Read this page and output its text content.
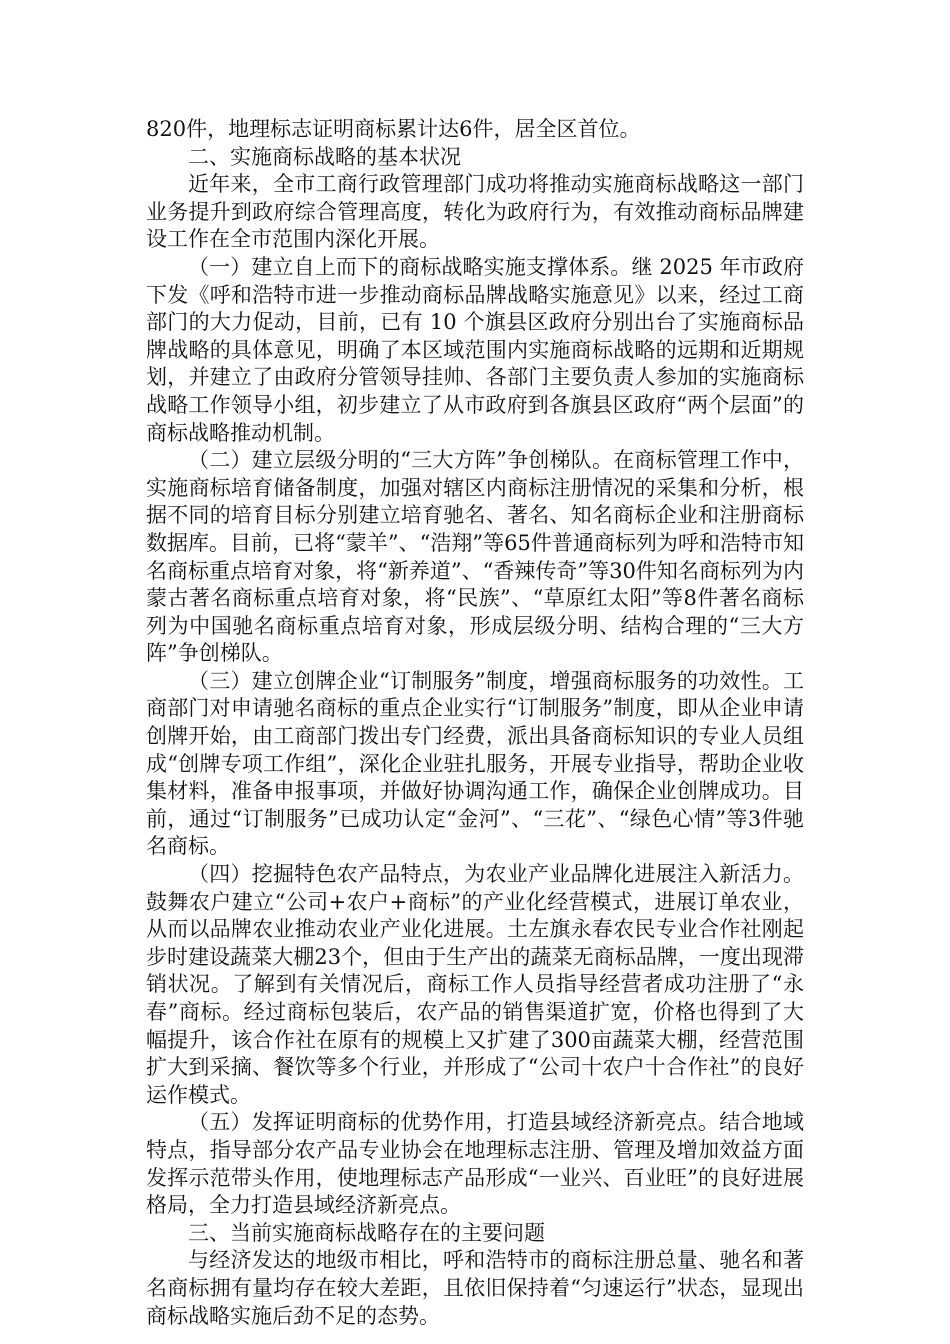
820件，地理标志证明商标累计达6件，居全区首位。

二、实施商标战略的基本状况

近年来，全市工商行政管理部门成功将推动实施商标战略这一部门业务提升到政府综合管理高度，转化为政府行为，有效推动商标品牌建设工作在全市范围内深化开展。

（一）建立自上而下的商标战略实施支撑体系。继 2025 年市政府下发《呼和浩特市进一步推动商标品牌战略实施意见》以来，经过工商部门的大力促动，目前，已有 10 个旗县区政府分别出台了实施商标品牌战略的具体意见，明确了本区域范围内实施商标战略的远期和近期规划，并建立了由政府分管领导挂帅、各部门主要负责人参加的实施商标战略工作领导小组，初步建立了从市政府到各旗县区政府“两个层面”的商标战略推动机制。

（二）建立层级分明的“三大方阵”争创梯队。在商标管理工作中，实施商标培育储备制度，加强对辖区内商标注册情况的采集和分析，根据不同的培育目标分别建立培育驰名、著名、知名商标企业和注册商标数据库。目前，已将“蒙羊”、“浩翔”等65件普通商标列为呼和浩特市知名商标重点培育对象，将“新养道”、“香辣传奇”等30件知名商标列为内蒙古著名商标重点培育对象，将“民族”、“草原红太阳”等8件著名商标列为中国驰名商标重点培育对象，形成层级分明、结构合理的“三大方阵”争创梯队。

（三）建立创牌企业“订制服务”制度，增强商标服务的功效性。工商部门对申请驰名商标的重点企业实行“订制服务”制度，即从企业申请创牌开始，由工商部门拨出专门经费，派出具备商标知识的专业人员组成“创牌专项工作组”，深化企业驻扎服务，开展专业指导，帮助企业收集材料，准备申报事项，并做好协调沟通工作，确保企业创牌成功。目前，通过“订制服务”已成功认定“金河”、“三花”、“绿色心情”等3件驰名商标。

（四）挖掘特色农产品特点，为农业产业品牌化进展注入新活力。鼓舞农户建立“公司+农户+商标”的产业化经营模式，进展订单农业，从而以品牌农业推动农业产业化进展。土左旗永春农民专业合作社刚起步时建设蔬菜大棚23个，但由于生产出的蔬菜无商标品牌，一度出现滞销状况。了解到有关情况后，商标工作人员指导经营者成功注册了“永春”商标。经过商标包装后，农产品的销售渠道扩宽，价格也得到了大幅提升，该合作社在原有的规模上又扩建了300亩蔬菜大棚，经营范围扩大到采摘、餐饮等多个行业，并形成了“公司十农户十合作社”的良好运作模式。

（五）发挥证明商标的优势作用，打造县域经济新亮点。结合地域特点，指导部分农产品专业协会在地理标志注册、管理及增加效益方面发挥示范带头作用，使地理标志产品形成“一业兴、百业旺”的良好进展格局，全力打造县域经济新亮点。

三、当前实施商标战略存在的主要问题

与经济发达的地级市相比，呼和浩特市的商标注册总量、驰名和著名商标拥有量均存在较大差距，且依旧保持着“匀速运行”状态，显现出商标战略实施后劲不足的态势。
